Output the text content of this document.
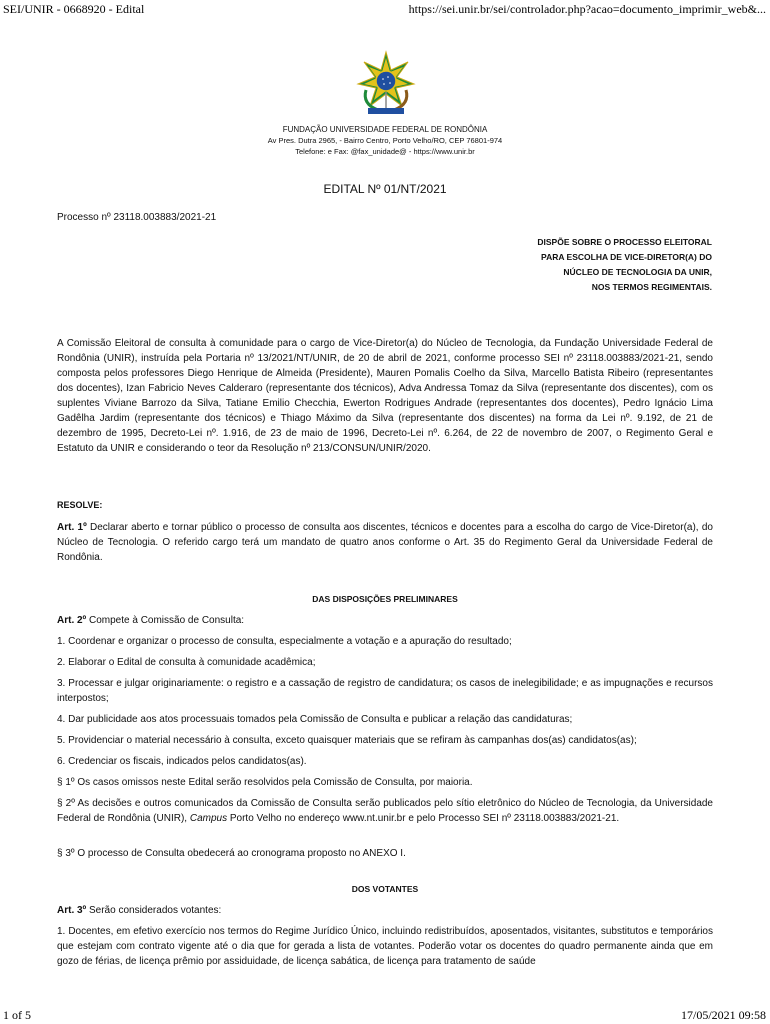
SEI/UNIR - 0668920 - Edital	https://sei.unir.br/sei/controlador.php?acao=documento_imprimir_web&...
FUNDAÇÃO UNIVERSIDADE FEDERAL DE RONDÔNIA
Av Pres. Dutra 2965, - Bairro Centro, Porto Velho/RO, CEP 76801-974
Telefone: e Fax: @fax_unidade@ - https://www.unir.br
EDITAL Nº 01/NT/2021
Processo nº 23118.003883/2021-21
DISPÕE SOBRE O PROCESSO ELEITORAL
PARA ESCOLHA DE VICE-DIRETOR(A) DO
NÚCLEO DE TECNOLOGIA DA UNIR,
NOS TERMOS REGIMENTAIS.
A Comissão Eleitoral de consulta à comunidade para o cargo de Vice-Diretor(a) do Núcleo de Tecnologia, da Fundação Universidade Federal de Rondônia (UNIR), instruída pela Portaria nº 13/2021/NT/UNIR, de 20 de abril de 2021, conforme processo SEI nº 23118.003883/2021-21, sendo composta pelos professores Diego Henrique de Almeida (Presidente), Mauren Pomalis Coelho da Silva, Marcello Batista Ribeiro (representantes dos docentes), Izan Fabricio Neves Calderaro (representante dos técnicos), Adva Andressa Tomaz da Silva (representante dos discentes), com os suplentes Viviane Barrozo da Silva, Tatiane Emilio Checchia, Ewerton Rodrigues Andrade (representantes dos docentes), Pedro Ignácio Lima Gadêlha Jardim (representante dos técnicos) e Thiago Máximo da Silva (representante dos discentes) na forma da Lei nº. 9.192, de 21 de dezembro de 1995, Decreto-Lei nº. 1.916, de 23 de maio de 1996, Decreto-Lei nº. 6.264, de 22 de novembro de 2007, o Regimento Geral e Estatuto da UNIR e considerando o teor da Resolução nº 213/CONSUN/UNIR/2020.
RESOLVE:
Art. 1º Declarar aberto e tornar público o processo de consulta aos discentes, técnicos e docentes para a escolha do cargo de Vice-Diretor(a), do Núcleo de Tecnologia. O referido cargo terá um mandato de quatro anos conforme o Art. 35 do Regimento Geral da Universidade Federal de Rondônia.
DAS DISPOSIÇÕES PRELIMINARES
Art. 2º Compete à Comissão de Consulta:
1. Coordenar e organizar o processo de consulta, especialmente a votação e a apuração do resultado;
2. Elaborar o Edital de consulta à comunidade acadêmica;
3. Processar e julgar originariamente: o registro e a cassação de registro de candidatura; os casos de inelegibilidade; e as impugnações e recursos interpostos;
4. Dar publicidade aos atos processuais tomados pela Comissão de Consulta e publicar a relação das candidaturas;
5. Providenciar o material necessário à consulta, exceto quaisquer materiais que se refiram às campanhas dos(as) candidatos(as);
6. Credenciar os fiscais, indicados pelos candidatos(as).
§ 1º Os casos omissos neste Edital serão resolvidos pela Comissão de Consulta, por maioria.
§ 2º As decisões e outros comunicados da Comissão de Consulta serão publicados pelo sítio eletrônico do Núcleo de Tecnologia, da Universidade Federal de Rondônia (UNIR), Campus Porto Velho no endereço www.nt.unir.br e pelo Processo SEI nº 23118.003883/2021-21.
§ 3º O processo de Consulta obedecerá ao cronograma proposto no ANEXO I.
DOS VOTANTES
Art. 3º Serão considerados votantes:
1. Docentes, em efetivo exercício nos termos do Regime Jurídico Único, incluindo redistribuídos, aposentados, visitantes, substitutos e temporários que estejam com contrato vigente até o dia que for gerada a lista de votantes. Poderão votar os docentes do quadro permanente ainda que em gozo de férias, de licença prêmio por assiduidade, de licença sabática, de licença para tratamento de saúde
1 of 5	17/05/2021 09:58
